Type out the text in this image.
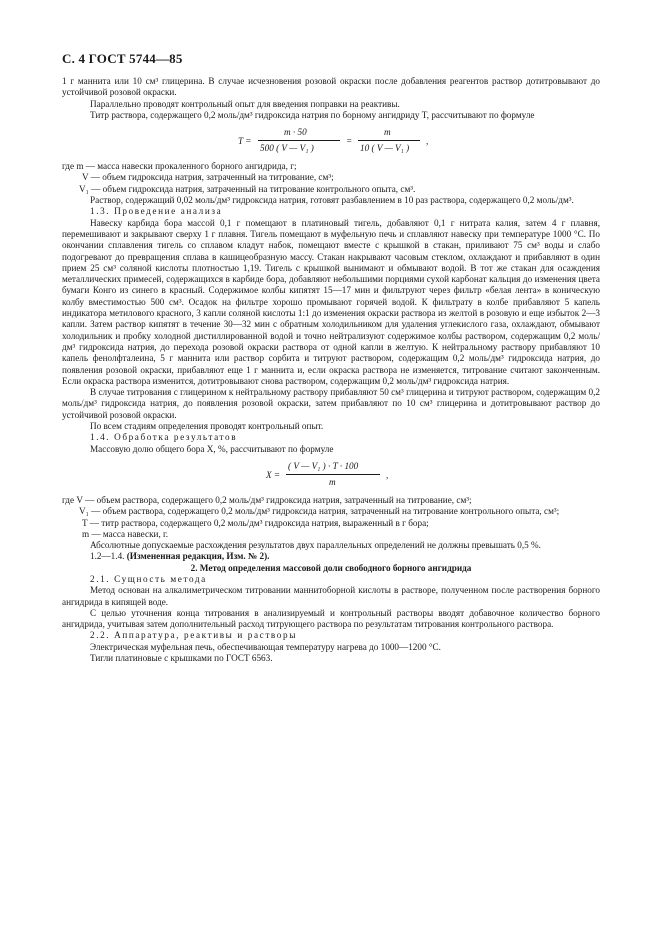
С. 4 ГОСТ 5744—85

1 г маннита или 10 см³ глицерина. В случае исчезновения розовой окраски после добавления реагентов раствор дотитровывают до устойчивой розовой окраски.

Параллельно проводят контрольный опыт для введения поправки на реактивы.

Титр раствора, содержащего 0,2 моль/дм³ гидроксида натрия по борному ангидриду T, рассчитывают по формуле

T =
m · 50
500 ( V — V₁ )
=
m
10 ( V — V₁ )
,

где m — масса навески прокаленного борного ангидрида, г;

V — объем гидроксида натрия, затраченный на титрование, см³;

V₁ — объем гидроксида натрия, затраченный на титрование контрольного опыта, см³.

Раствор, содержащий 0,02 моль/дм³ гидроксида натрия, готовят разбавлением в 10 раз раствора, содержащего 0,2 моль/дм³.

1.3. Проведение анализа

Навеску карбида бора массой 0,1 г помещают в платиновый тигель, добавляют 0,1 г нитрата калия, затем 4 г плавня, перемешивают и закрывают сверху 1 г плавня. Тигель помещают в муфельную печь и сплавляют навеску при температуре 1000 °С. По окончании сплавления тигель со сплавом кладут набок, помещают вместе с крышкой в стакан, приливают 75 см³ воды и слабо подогревают до превращения сплава в кашицеобразную массу. Стакан накрывают часовым стеклом, охлаждают и прибавляют в один прием 25 см³ соляной кислоты плотностью 1,19. Тигель с крышкой вынимают и обмывают водой. В тот же стакан для осаждения металлических примесей, содержащихся в карбиде бора, добавляют небольшими порциями сухой карбонат кальция до изменения цвета бумаги Конго из синего в красный. Содержимое колбы кипятят 15—17 мин и фильтруют через фильтр «белая лента» в коническую колбу вместимостью 500 см³. Осадок на фильтре хорошо промывают горячей водой. К фильтрату в колбе прибавляют 5 капель индикатора метилового красного, 3 капли соляной кислоты 1:1 до изменения окраски раствора из желтой в розовую и еще избыток 2—3 капли. Затем раствор кипятят в течение 30—32 мин с обратным холодильником для удаления углекислого газа, охлаждают, обмывают холодильник и пробку холодной дистиллированной водой и точно нейтрализуют содержимое колбы раствором, содержащим 0,2 моль/дм³ гидроксида натрия, до перехода розовой окраски раствора от одной капли в желтую. К нейтральному раствору прибавляют 10 капель фенолфталеина, 5 г маннита или раствор сорбита и титруют раствором, содержащим 0,2 моль/дм³ гидроксида натрия, до появления розовой окраски, прибавляют еще 1 г маннита и, если окраска раствора не изменяется, титрование считают законченным. Если окраска раствора изменится, дотитровывают снова раствором, содержащим 0,2 моль/дм³ гидроксида натрия.

В случае титрования с глицерином к нейтральному раствору прибавляют 50 см³ глицерина и титруют раствором, содержащим 0,2 моль/дм³ гидроксида натрия, до появления розовой окраски, затем прибавляют по 10 см³ глицерина и дотитровывают раствор до устойчивой розовой окраски.

По всем стадиям определения проводят контрольный опыт.

1.4. Обработка результатов

Массовую долю общего бора X, %, рассчитывают по формуле

X =
( V — V₁ ) · T · 100
m
,

где V — объем раствора, содержащего 0,2 моль/дм³ гидроксида натрия, затраченный на титрование, см³;

V₁ — объем раствора, содержащего 0,2 моль/дм³ гидроксида натрия, затраченный на титрование контрольного опыта, см³;

T — титр раствора, содержащего 0,2 моль/дм³ гидроксида натрия, выраженный в г бора;

m — масса навески, г.

Абсолютные допускаемые расхождения результатов двух параллельных определений не должны превышать 0,5 %.

1.2—1.4. (Измененная редакция, Изм. № 2).

2. Метод определения массовой доли свободного борного ангидрида

2.1. Сущность метода

Метод основан на алкалиметрическом титровании маннитоборной кислоты в растворе, полученном после растворения борного ангидрида в кипящей воде.

С целью уточнения конца титрования в анализируемый и контрольный растворы вводят добавочное количество борного ангидрида, учитывая затем дополнительный расход титрующего раствора по результатам титрования контрольного раствора.

2.2. Аппаратура, реактивы и растворы

Электрическая муфельная печь, обеспечивающая температуру нагрева до 1000—1200 °С.

Тигли платиновые с крышками по ГОСТ 6563.
